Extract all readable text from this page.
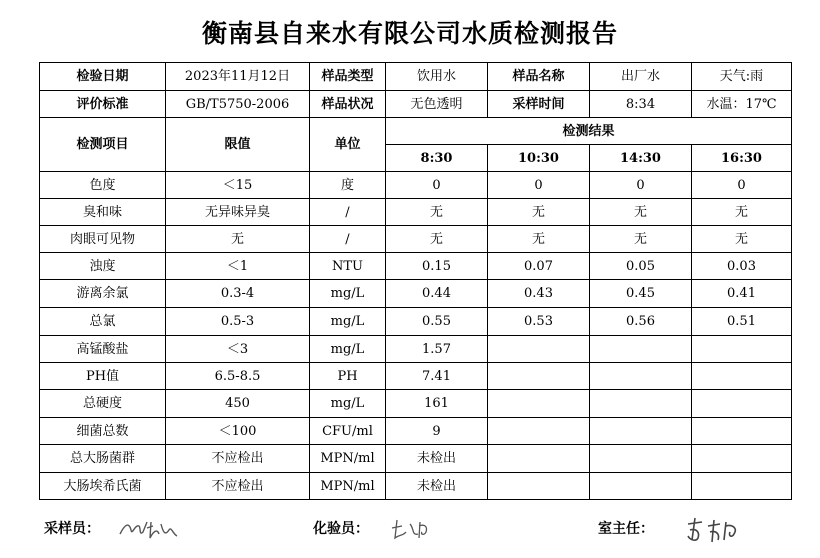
衡南县自来水有限公司水质检测报告
检验日期	2023年11月12日	样品类型	饮用水	样品名称	出厂水	天气:雨
评价标准	GB/T5750-2006	样品状况	无色透明	采样时间	8:34	水温：17℃
检测项目	限值	单位	检测结果			
			8:30	10:30	14:30	16:30
色度	＜15	度	0	0	0	0
臭和味	无异味异臭	/	无	无	无	无
肉眼可见物	无	/	无	无	无	无
浊度	＜1	NTU	0.15	0.07	0.05	0.03
游离余氯	0.3-4	mg/L	0.44	0.43	0.45	0.41
总氯	0.5-3	mg/L	0.55	0.53	0.56	0.51
高锰酸盐	＜3	mg/L	1.57			
PH值	6.5-8.5	PH	7.41			
总硬度	450	mg/L	161			
细菌总数	＜100	CFU/ml	9			
总大肠菌群	不应检出	MPN/ml	未检出			
大肠埃希氏菌	不应检出	MPN/ml	未检出			
采样员：	化验员：	室主任：
